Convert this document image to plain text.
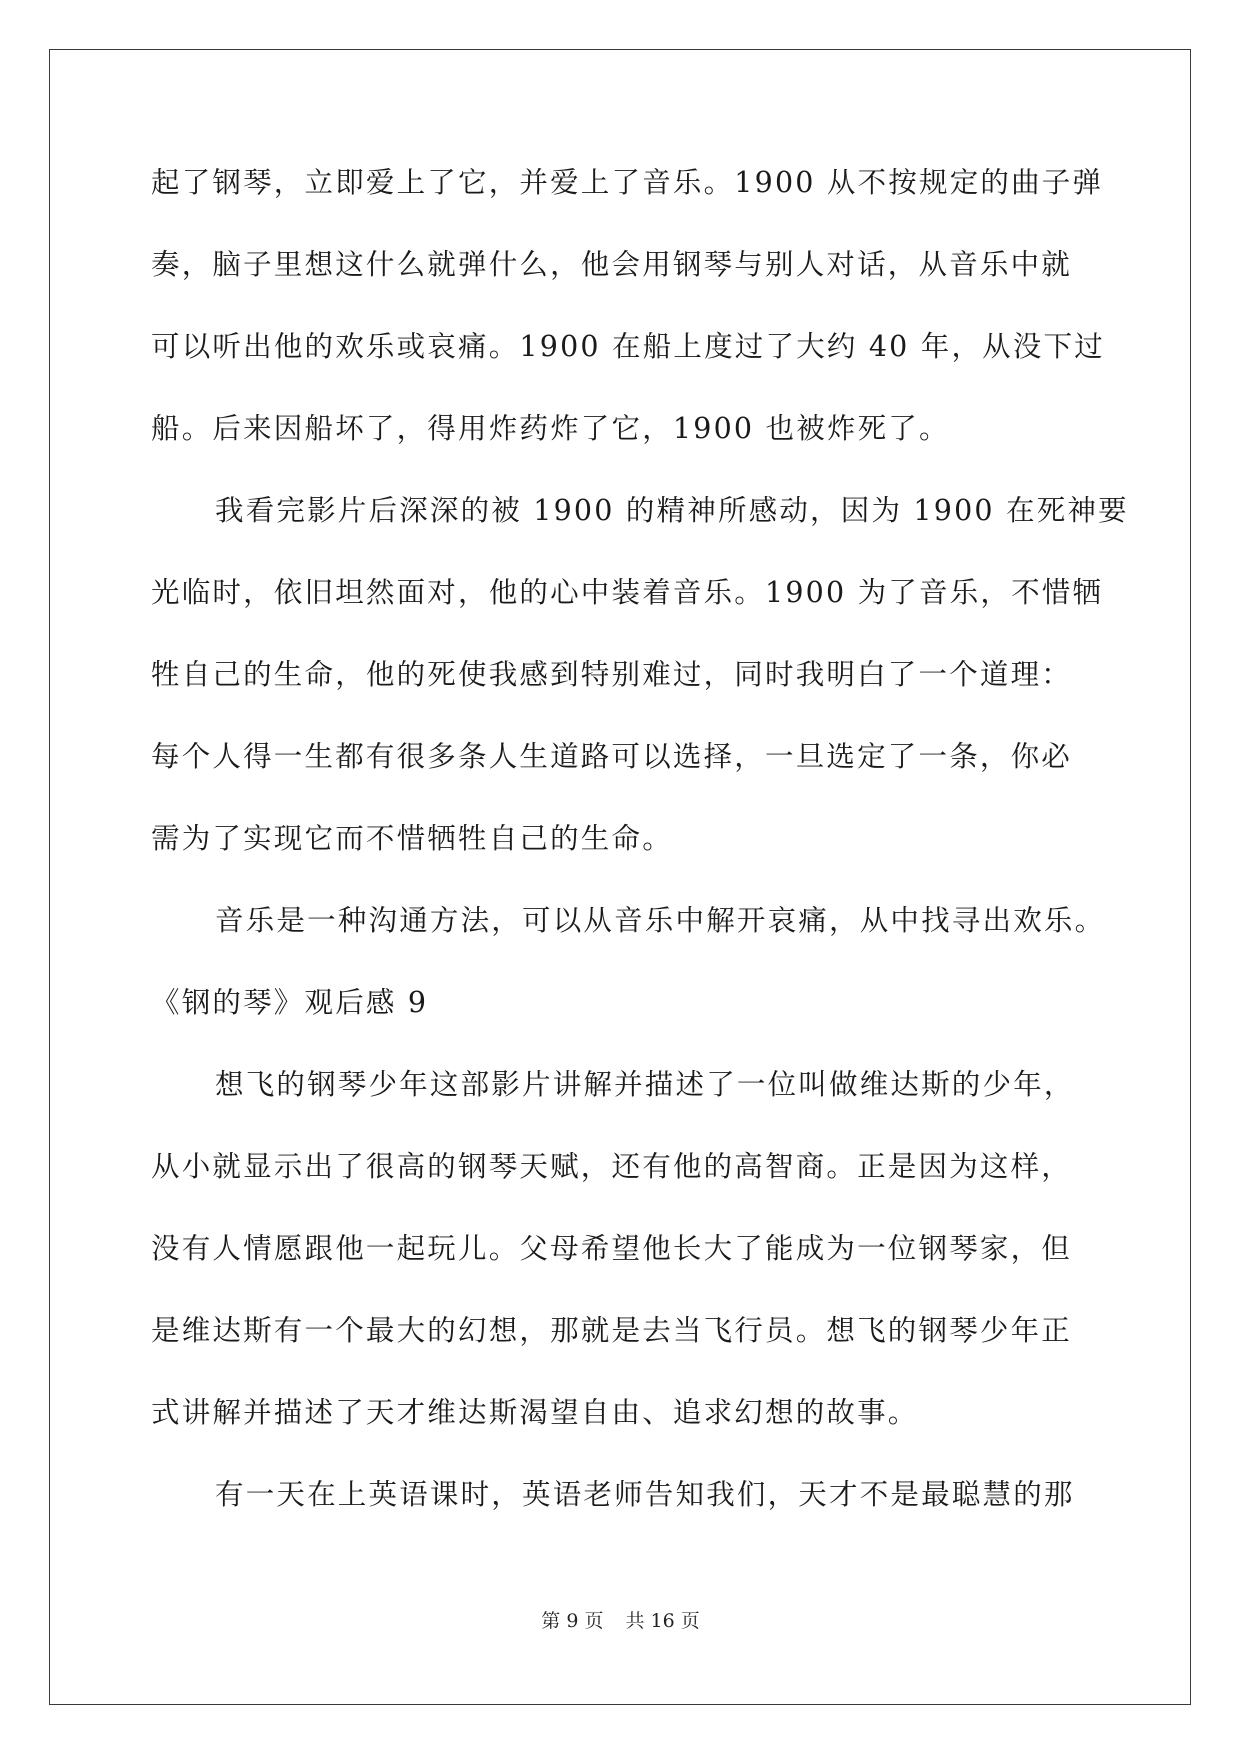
起了钢琴，立即爱上了它，并爱上了音乐。1900 从不按规定的曲子弹
奏，脑子里想这什么就弹什么，他会用钢琴与别人对话，从音乐中就
可以听出他的欢乐或哀痛。1900 在船上度过了大约 40 年，从没下过
船。后来因船坏了，得用炸药炸了它，1900 也被炸死了。
我看完影片后深深的被 1900 的精神所感动，因为 1900 在死神要
光临时，依旧坦然面对，他的心中装着音乐。1900 为了音乐，不惜牺
牲自己的生命，他的死使我感到特别难过，同时我明白了一个道理：
每个人得一生都有很多条人生道路可以选择，一旦选定了一条，你必
需为了实现它而不惜牺牲自己的生命。
音乐是一种沟通方法，可以从音乐中解开哀痛，从中找寻出欢乐。
《钢的琴》观后感 9
想飞的钢琴少年这部影片讲解并描述了一位叫做维达斯的少年，
从小就显示出了很高的钢琴天赋，还有他的高智商。正是因为这样，
没有人情愿跟他一起玩儿。父母希望他长大了能成为一位钢琴家，但
是维达斯有一个最大的幻想，那就是去当飞行员。想飞的钢琴少年正
式讲解并描述了天才维达斯渴望自由、追求幻想的故事。
有一天在上英语课时，英语老师告知我们，天才不是最聪慧的那
第 9 页 共 16 页
